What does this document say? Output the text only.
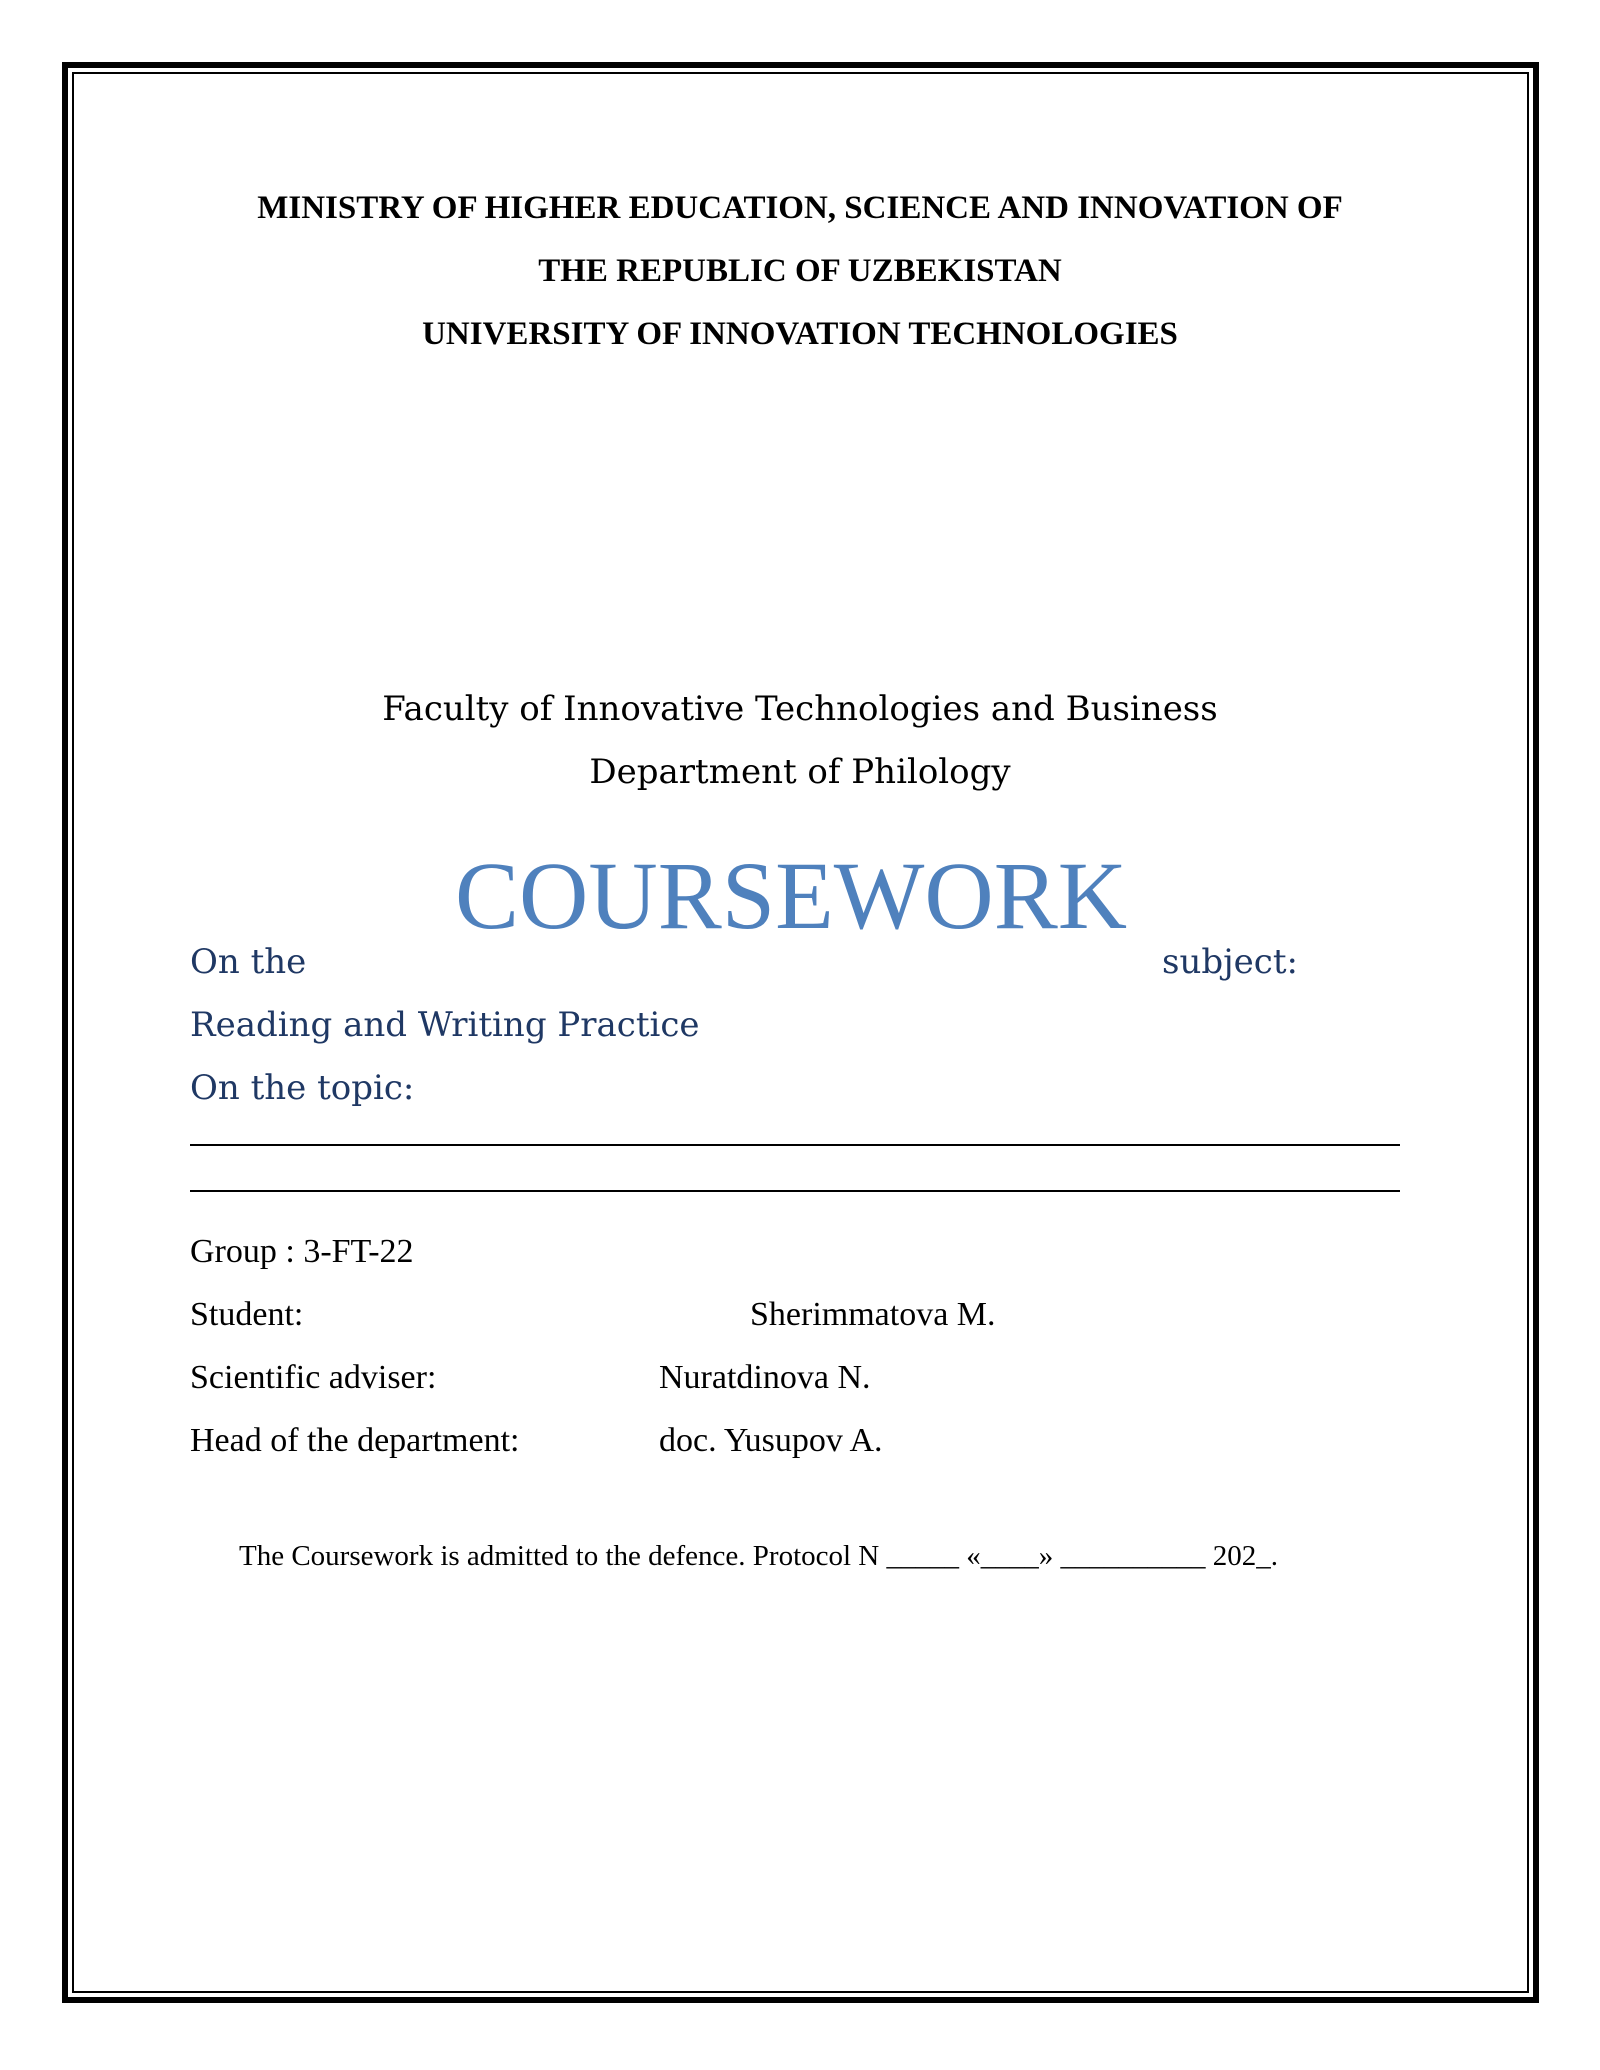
MINISTRY OF HIGHER EDUCATION, SCIENCE AND INNOVATION OF
THE REPUBLIC OF UZBEKISTAN
UNIVERSITY OF INNOVATION TECHNOLOGIES
Faculty of Innovative Technologies and Business
Department of Philology
COURSEWORK
On the	subject:
Reading and Writing Practice
On the topic:
Group : 3-FT-22
Student:	Sherimmatova M.
Scientific adviser:	Nuratdinova N.
Head of the department:	doc. Yusupov A.
The Coursework is admitted to the defence. Protocol N _____ «____» __________ 202_.
